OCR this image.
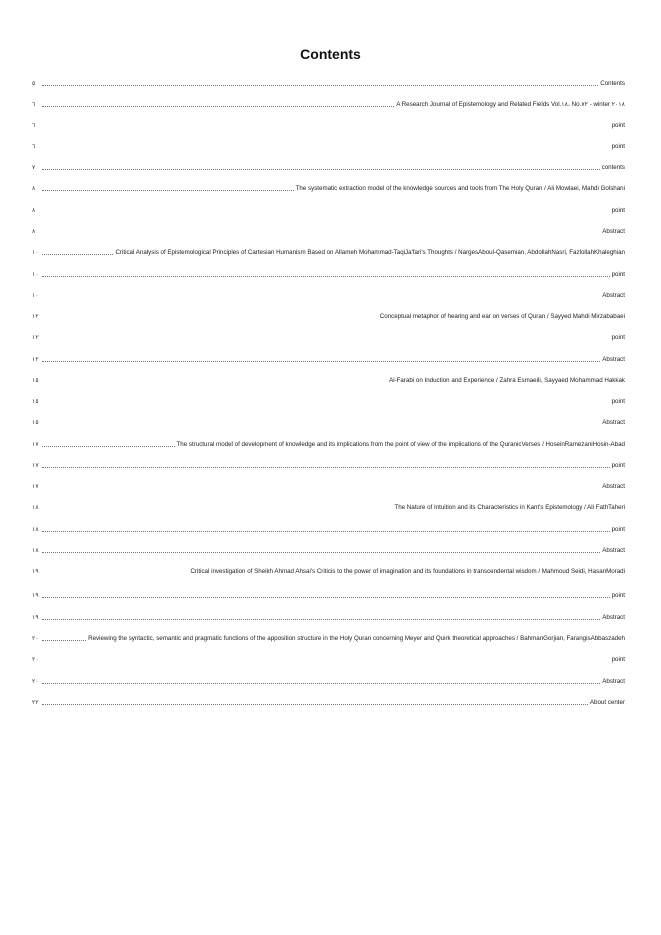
Contents
٥	Contents
٦	A Research Journal of Epistemology and Related Fields Vol.١٨، No.٧٢ - winter ٢٠١٨
٦	point
٦	point
٧	contents
٨	The systematic extraction model of the knowledge sources and tools from The Holy Quran / Ali Mowlaei, Mahdi Golshani
٨	point
٨	Abstract
١٠	Critical Analysis of Epistemological Principles of Cartesian Humanism Based on Allameh Mohammad-TaqiJa'fari's Thoughts / NargesAboul-Qasemian, AbdollahNasri, FazlollahKhaleghian
١٠	point
١٠	Abstract
١٢	Conceptual metaphor of hearing and ear on verses of Quran / Sayyed Mahdi Mirzababaei
١٢	point
١٢	Abstract
١٥	Al-Farabi on Induction and Experience / Zahra Esmaeili, Sayyaed Mohammad Hakkak
١٥	point
١٥	Abstract
١٧	The structural model of development of knowledge and its implications from the point of view of the implications of the QuranicVerses / HoseinRamezaniHosin-Abad
١٧	point
١٧	Abstract
١٨	The Nature of Intuition and its Characteristics in Kant's Epistemology / Ali FathTaheri
١٨	point
١٨	Abstract
١٩	Critical investigation of Sheikh Ahmad Ahsai's Criticis to the power of imagination and its foundations in transcendental wisdom / Mahmoud Seidi, HasanMoradi
١٩	point
١٩	Abstract
٢٠	Reviewing the syntactic, semantic and pragmatic functions of the apposition structure in the Holy Quran concerning Meyer and Quirk theoretical approaches / BahmanGorjian, FarangisAbbaszadeh
٢٠	point
٢٠	Abstract
٢٢	About center
